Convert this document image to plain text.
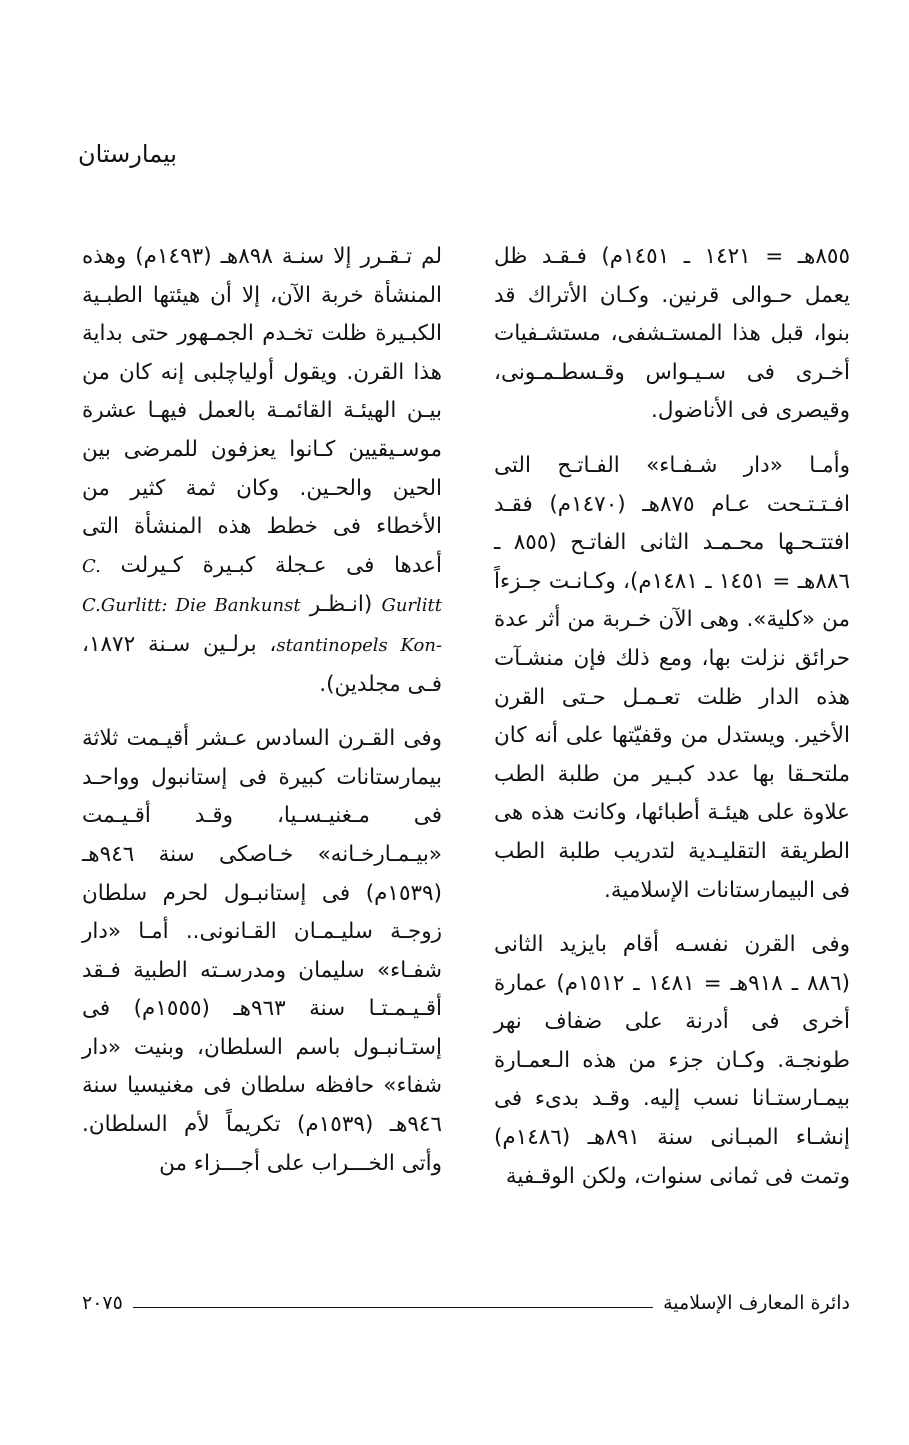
بيمارستان

٨٥٥هـ = ١٤٢١ ـ ١٤٥١م) فـقـد ظل يعمل حـوالى قرنين. وكـان الأتراك قد بنوا، قبل هذا المستـشفى، مستشـفيات أخـرى فى سـيـواس وقـسطـمـونى، وقيصرى فى الأناضول.

وأمـا «دار شـفـاء» الفـاتـح التى افـتـتـحت عـام ٨٧٥هـ (١٤٧٠م) فقـد افتتـحـها محـمـد الثانى الفاتـح (٨٥٥ ـ ٨٨٦هـ = ١٤٥١ ـ ١٤٨١م)، وكـانـت جـزءاً من «كلية». وهى الآن خـربة من أثر عدة حرائق نزلت بها، ومع ذلك فإن منشـآت هذه الدار ظلت تعـمـل حـتى القرن الأخير. ويستدل من وقفيّتها على أنه كان ملتحـقا بها عدد كبـير من طلبة الطب علاوة على هيئـة أطبائها، وكانت هذه هى الطريقة التقليـدية لتدريب طلبة الطب فى البيمارستانات الإسلامية.

وفى القرن نفسـه أقام بايزيد الثانى (٨٨٦ ـ ٩١٨هـ = ١٤٨١ ـ ١٥١٢م) عمارة أخرى فى أدرنة على ضفاف نهر طونجـة. وكـان جزء من هذه الـعمـارة بيمـارستـانا نسب إليه. وقـد بدىء فى إنشـاء المبـانى سنة ٨٩١هـ (١٤٨٦م) وتمت فى ثمانى سنوات، ولكن الوقـفية

لم تـقـرر إلا سنـة ٨٩٨هـ (١٤٩٣م) وهذه المنشأة خربة الآن، إلا أن هيئتها الطبـية الكبـيرة ظلت تخـدم الجمـهور حتى بداية هذا القرن. ويقول أولياچلبى إنه كان من بيـن الهيئـة القائمـة بالعمل فيهـا عشرة موسـيقيين كـانوا يعزفون للمرضى بين الحين والحـين. وكان ثمة كثير من الأخطاء فى خطط هذه المنشأة التى أعدها فى عـجلة كبـيرة كـيرلت C. Gurlitt (انـظـر C.Gurlitt: Die Bankunst Kon- stantinopels، برلـين سـنة ١٨٧٢، فـى مجلدين).

وفى القـرن السادس عـشر أقيـمت ثلاثة بيمارستانات كبيرة فى إستانبول وواحـد فى مـغنيـسـيا، وقـد أقـيـمت «بيـمـارخـانه» خـاصكى سنة ٩٤٦هـ (١٥٣٩م) فى إستانبـول لحرم سلطان زوجـة سليـمـان القـانونى.. أمـا «دار شفـاء» سليمان ومدرسـته الطبية فـقد أقـيـمـتـا سنة ٩٦٣هـ (١٥٥٥م) فى إستـانبـول باسم السلطان، وبنيت «دار شفاء» حافظه سلطان فى مغنيسيا سنة ٩٤٦هـ (١٥٣٩م) تكريماً لأم السلطان. وأتى الخـــراب على أجـــزاء من

دائرة المعارف الإسلامية
٢٠٧٥
